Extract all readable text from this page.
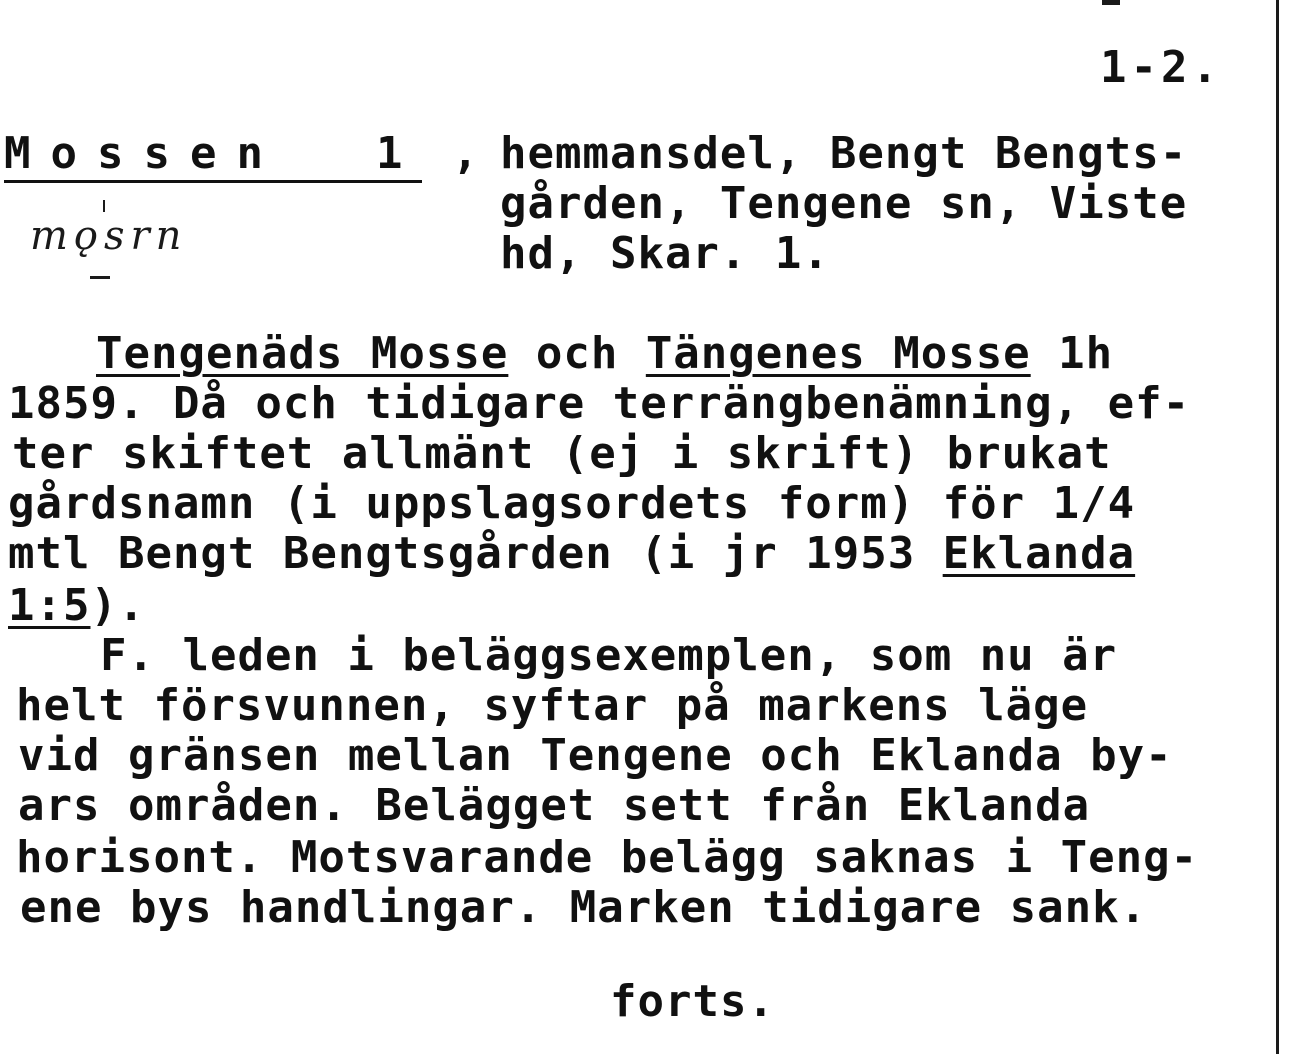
1-2.
Mossen 1 , hemmansdel, Bengt Bengts-
gården, Tengene sn, Viste
hd, Skar. 1.
mǫsrn
Tengenäds Mosse och Tängenes Mosse 1h
1859. Då och tidigare terrängbenämning, ef-
ter skiftet allmänt (ej i skrift) brukat
gårdsnamn (i uppslagsordets form) för 1/4
mtl Bengt Bengtsgården (i jr 1953 Eklanda
1:5).
F. leden i beläggsexemplen, som nu är
helt försvunnen, syftar på markens läge
vid gränsen mellan Tengene och Eklanda by-
ars områden. Belägget sett från Eklanda
horisont. Motsvarande belägg saknas i Teng-
ene bys handlingar. Marken tidigare sank.
forts.
